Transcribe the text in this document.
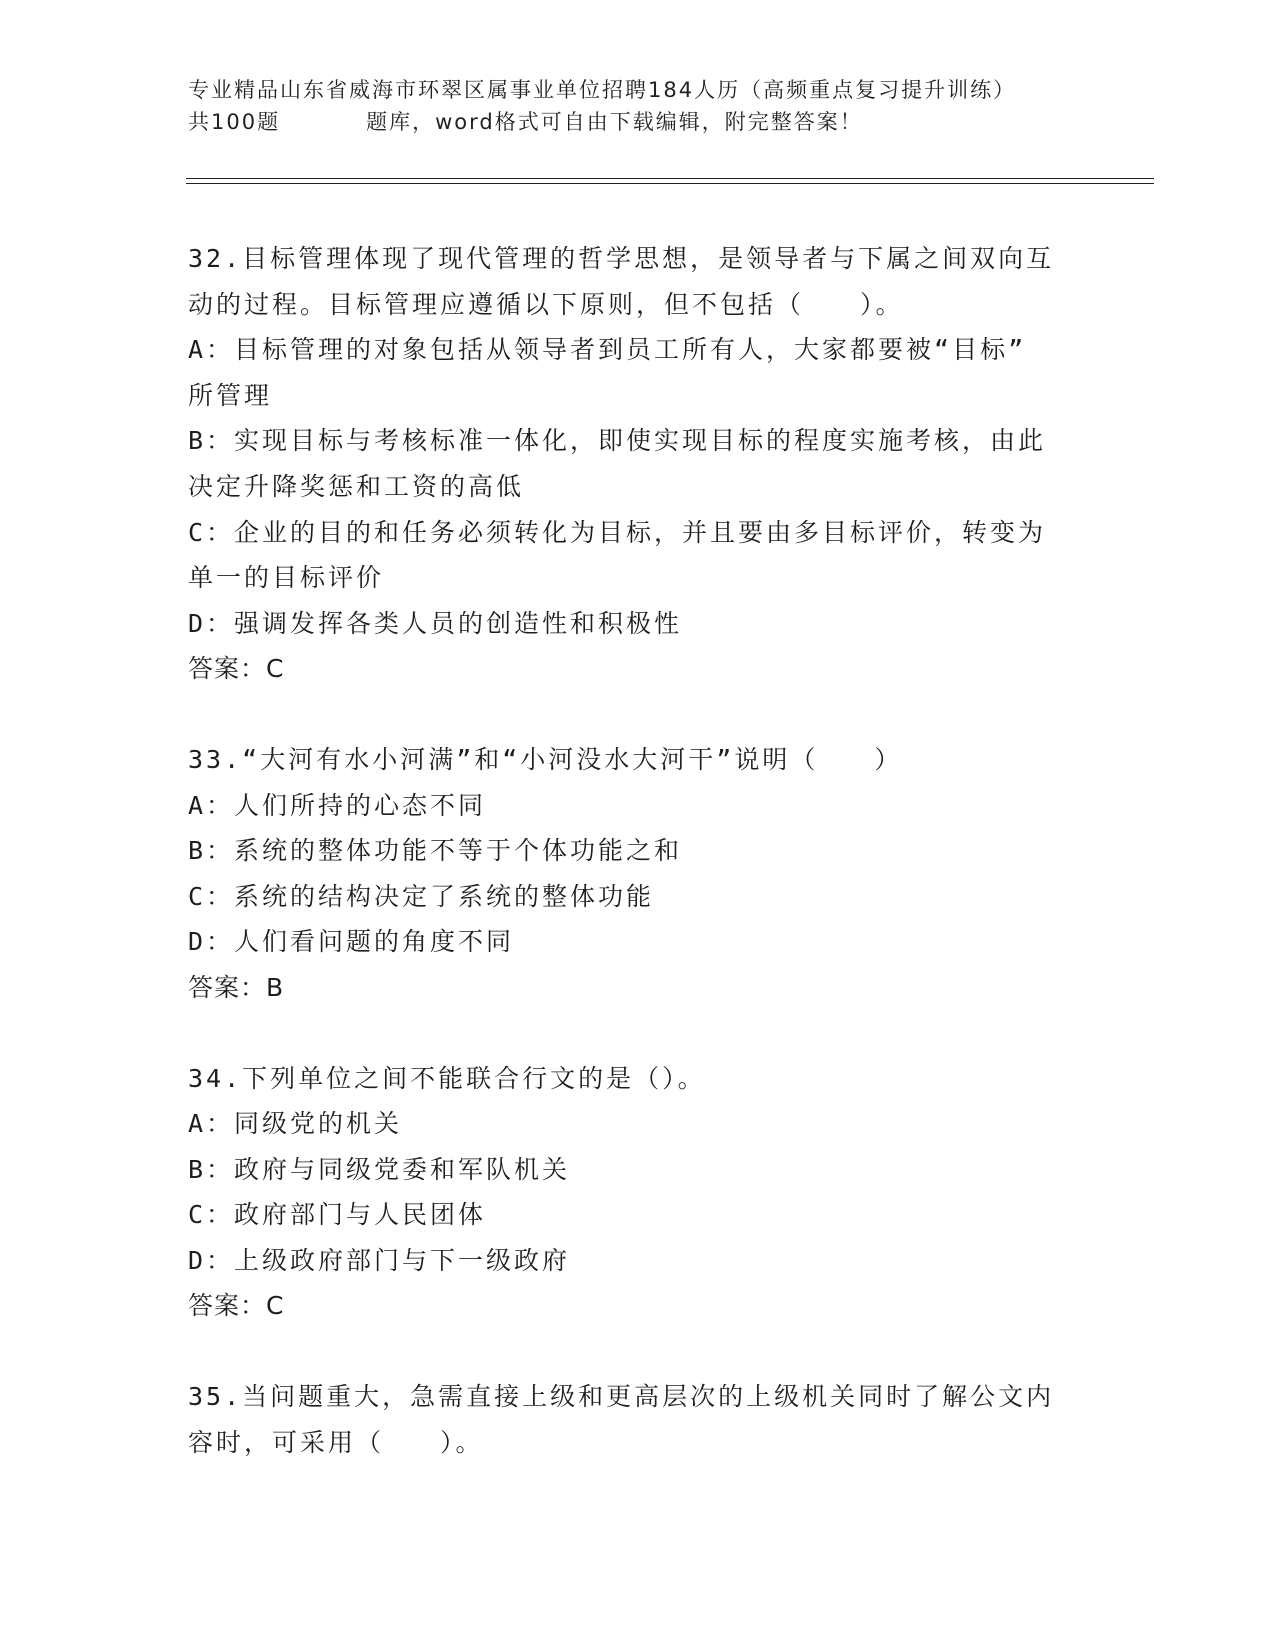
专业精品山东省威海市环翠区属事业单位招聘184人历（高频重点复习提升训练）
共100题	题库，word格式可自由下载编辑，附完整答案！
32.目标管理体现了现代管理的哲学思想，是领导者与下属之间双向互
动的过程。目标管理应遵循以下原则，但不包括（　　）。
A：目标管理的对象包括从领导者到员工所有人，大家都要被“目标”
所管理
B：实现目标与考核标准一体化，即使实现目标的程度实施考核，由此
决定升降奖惩和工资的高低
C：企业的目的和任务必须转化为目标，并且要由多目标评价，转变为
单一的目标评价
D：强调发挥各类人员的创造性和积极性
答案：C
33.“大河有水小河满”和“小河没水大河干”说明（　　）
A：人们所持的心态不同
B：系统的整体功能不等于个体功能之和
C：系统的结构决定了系统的整体功能
D：人们看问题的角度不同
答案：B
34.下列单位之间不能联合行文的是（）。
A：同级党的机关
B：政府与同级党委和军队机关
C：政府部门与人民团体
D：上级政府部门与下一级政府
答案：C
35.当问题重大，急需直接上级和更高层次的上级机关同时了解公文内
容时，可采用（　　）。
